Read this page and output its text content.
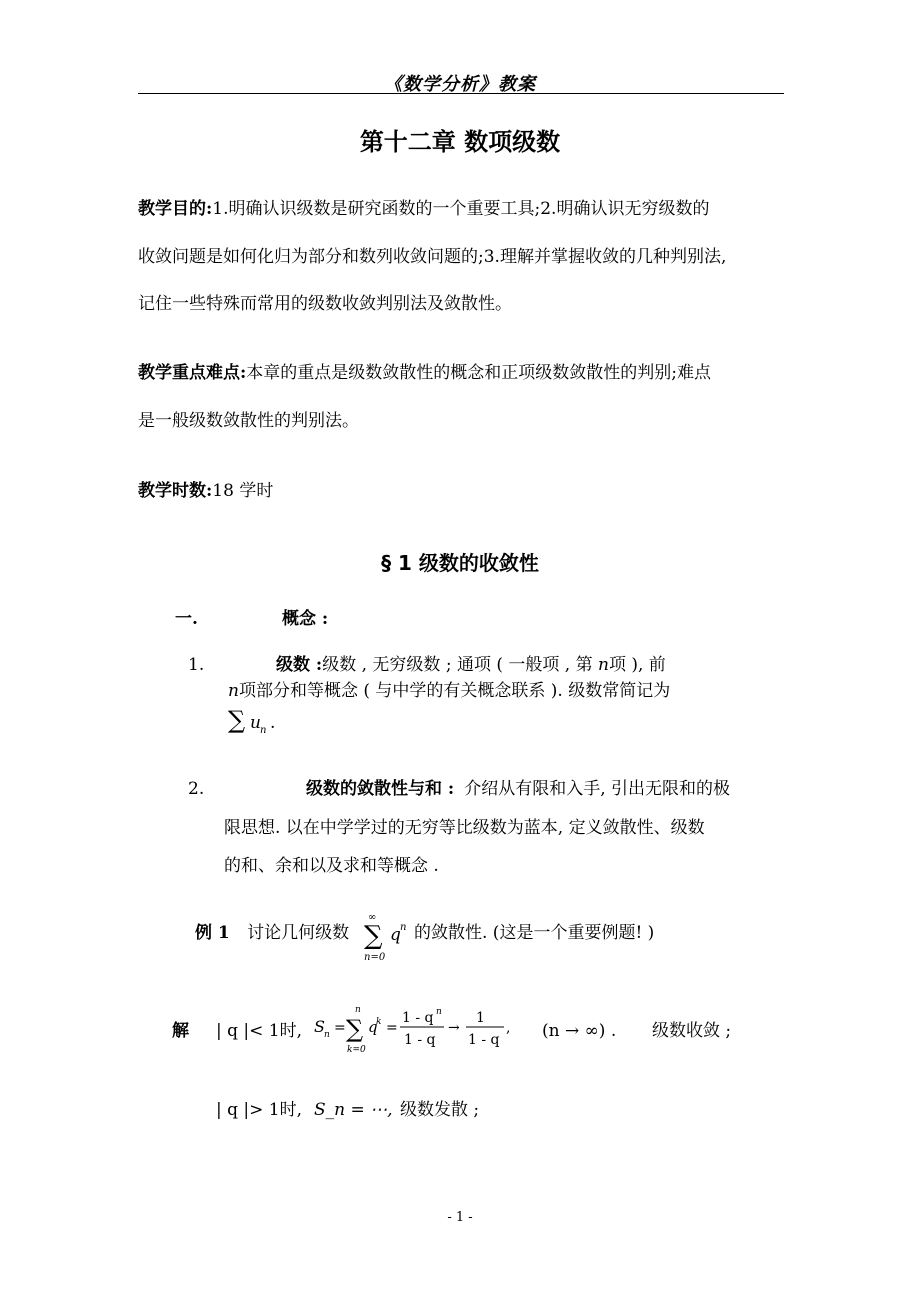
《数学分析》教案
第十二章 数项级数
教学目的:1.明确认识级数是研究函数的一个重要工具;2.明确认识无穷级数的
收敛问题是如何化归为部分和数列收敛问题的;3.理解并掌握收敛的几种判别法,
记住一些特殊而常用的级数收敛判别法及敛散性。
教学重点难点:本章的重点是级数敛散性的概念和正项级数敛散性的判别;难点
是一般级数敛散性的判别法。
教学时数:18 学时
§ 1 级数的收敛性
一.	概念 :
1.	级数 :级数 , 无穷级数 ; 通项 ( 一般项 , 第 n项 ), 前
n项部分和等概念 ( 与中学的有关概念联系 ). 级数常简记为
∑ u n .
2.	级数的敛散性与和 : 介绍从有限和入手, 引出无限和的极
限思想. 以在中学学过的无穷等比级数为蓝本, 定义敛散性、级数
的和、余和以及求和等概念 .
例 1 讨论几何级数
∞
∑
n=0
q n 的敛散性. (这是一个重要例题! )
解 | q |< 1时, S n =
n
∑
k=0
q
k =
1 - q n
1 - q
→
1
1 - q
, (n → ∞) . 级数收敛 ;
| q |> 1时, S_n = ⋯, 级数发散 ;
- 1 -
